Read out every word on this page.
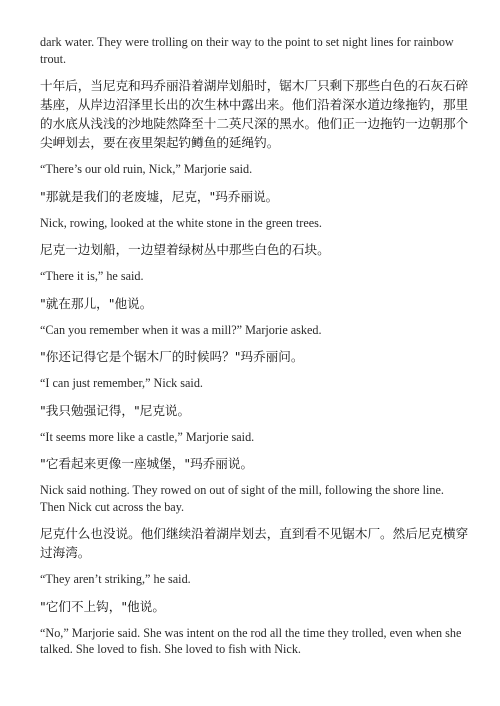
dark water. They were trolling on their way to the point to set night lines for rainbow trout.

十年后，当尼克和玛乔丽沿着湖岸划船时，锯木厂只剩下那些白色的石灰石碎基座，从岸边沼泽里长出的次生林中露出来。他们沿着深水道边缘拖钓，那里的水底从浅浅的沙地陡然降至十二英尺深的黑水。他们正一边拖钓一边朝那个尖岬划去，要在夜里架起钓鳟鱼的延绳钓。

“There’s our old ruin, Nick,” Marjorie said.

"那就是我们的老废墟，尼克，"玛乔丽说。

Nick, rowing, looked at the white stone in the green trees.

尼克一边划船，一边望着绿树丛中那些白色的石块。

“There it is,” he said.

"就在那儿，"他说。

“Can you remember when it was a mill?” Marjorie asked.

"你还记得它是个锯木厂的时候吗？"玛乔丽问。

“I can just remember,” Nick said.

"我只勉强记得，"尼克说。

“It seems more like a castle,” Marjorie said.

"它看起来更像一座城堡，"玛乔丽说。

Nick said nothing. They rowed on out of sight of the mill, following the shore line. Then Nick cut across the bay.

尼克什么也没说。他们继续沿着湖岸划去，直到看不见锯木厂。然后尼克横穿过海湾。

“They aren’t striking,” he said.

"它们不上钩，"他说。

“No,” Marjorie said. She was intent on the rod all the time they trolled, even when she talked. She loved to fish. She loved to fish with Nick.
